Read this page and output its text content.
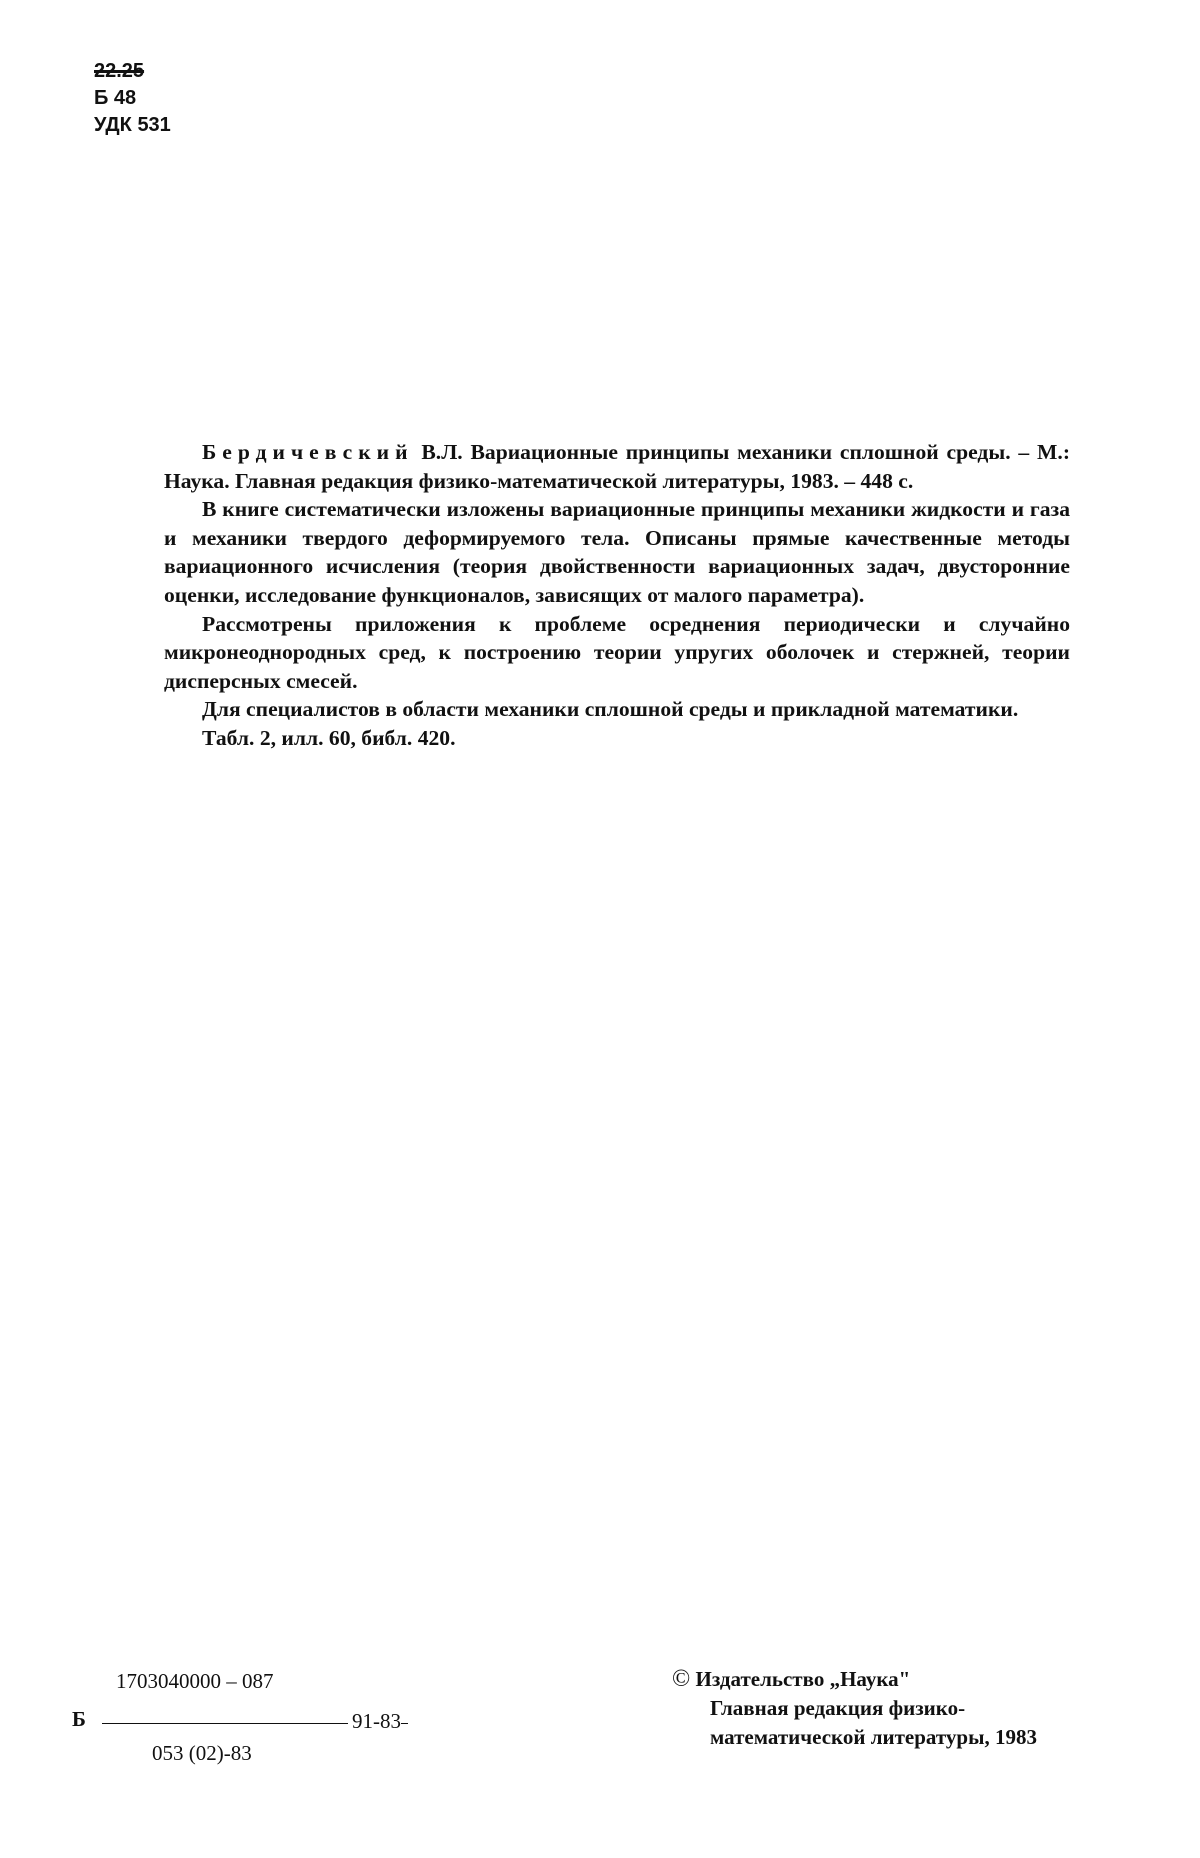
22.25
Б 48
УДК 531

Бердичевский В.Л. Вариационные принципы механики сплошной среды. – М.: Наука. Главная редакция физико-математической литературы, 1983. – 448 с.

В книге систематически изложены вариационные принципы механики жидкости и газа и механики твердого деформируемого тела. Описаны прямые качественные методы вариационного исчисления (теория двойственности вариационных задач, двусторонние оценки, исследование функционалов, зависящих от малого параметра).

Рассмотрены приложения к проблеме осреднения периодически и случайно микронеоднородных сред, к построению теории упругих оболочек и стержней, теории дисперсных смесей.

Для специалистов в области механики сплошной среды и прикладной математики.

Табл. 2, илл. 60, библ. 420.

Б
1703040000 – 087
91-83
053 (02)-83
© Издательство „Наука"
Главная редакция физико-
математической литературы, 1983
